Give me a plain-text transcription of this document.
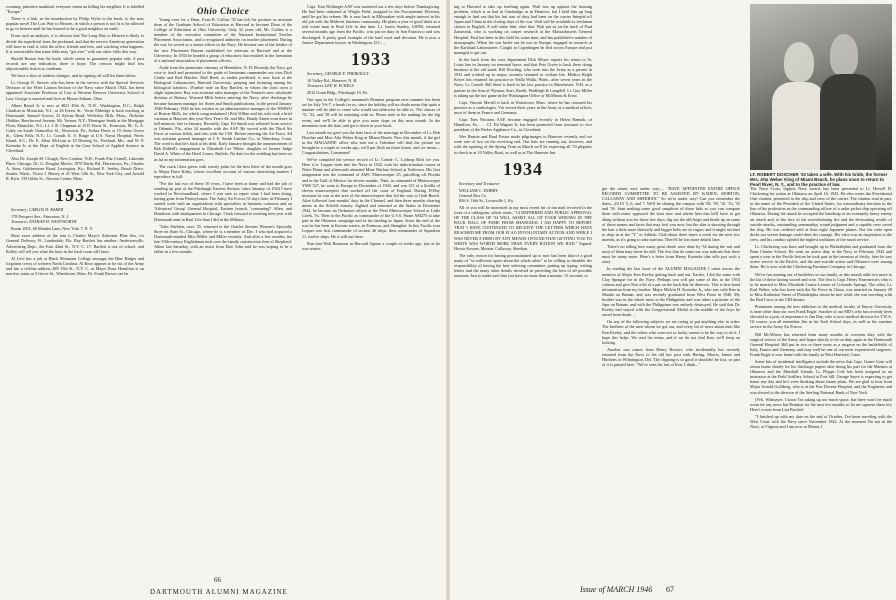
ecoming, primitive mankind, everyone intent on killing his neighbor. It is labelled "Escape."

There is a link, in the introduction by Philip Wylie to the book, to the now popular novel The Lost Way to Heaven, in which a person is not fit to be allowed to go to heaven until he has learned to be a good neighbor on earth.

From such an analysis, it is obvious that The Long Way to Heaven is likely to divide the superficial from the profound, and that the newest American generation will have to read it, with the office, friends and foes, and watching what happens. It is conceivable that some folks may "get over" with one other folks this way.

Should Boston ban the book, which seems to guarantee popular sale, if past records are any indication, there is hope. The censors might find less objectionable fiction to condemn.

We have a slew of address changes, and in signing off will list them below.

Lt. George N. Sievers who has been in the service with the Special Services Division of the Fleet Liaison Section of the Navy since March 1944, has been appointed Associate Professor of Law at Western Reserve University School of Law. George is married and lives at Mount Auburn, Ohio.

Albert Beisel Jr. is now at 4821 45th St., N.W., Washington, D.C.; Ralph Charlton in Montclair, N.J., at 26 Forest St.; Verne Eldredge is back teaching at Dartmouth; Samuel Grover, 23 Sylvan Road, Wellesley Hills, Mass.; Nicholas Oleklue, Beechwood Avenue, Mt. Vernon, N.Y.; Montague Smith at the Mortgage Floor, Montclair, N.J.; Lt. J. R. Chapman at 1515 Davis St., Evanston, Ill.; G. A. Coley on South Chancellor St., Newtown, Pa.; Arthur Davis at 15 Stone Grove St., Glens Falls, N.Y.; Lt. Comdr. E. S. Burge at U.S. Naval Hospital, Parris Island, S.C.; Dr. E. Allan McLean at 19 Deering St., Portland, Me.; and W. P. Koeneke Jr. at the Dept. of English at the Case School of Applied Science in Cleveland.

Also Dr. Joseph M. Clough, New London, N.H.; Frank Fitz Cornell, Lakeside Place, Chicago, Ill.; G. Douglas Morris, 1970 Darby Rd., Havertown, Pa.; Charles A. Sims, Goldenstone Road, Lexington, Ky.; Richard E. Seeley, Beach Drive, Seattle, Wash.; Victor J. Hersey at 41 West 12th St., New York City; and Arnold R. Rich, 159 Gibbs St., Newton Center, Mass.

1932

Secretary, CARLOS H. BAKER

178 Prospect Ave., Princeton, N. J.

Treasurer, NATHAN H. WENTWORTH

Room 1801, 60 Maiden Lane, New York 7, N. Y.

Most exact address of the tent is Charles Mayo's Schooner Blue Sea, c/o General Delivery, Ft. Lauderdale, Fla. Ray Bartlett has another: Andersonville, Advertising Dept., the East 42nd St., N.Y. C. 17. Bartlett is out of school, and Kelley will tell you what the boys in the back room will have.

Al Levi has a job at Black Mountain College amongst the Blue Ridges and forgotten crews of western North Carolina. Al Rose appears to be out of the Army and has a civilian address 489 15th St., N.Y. C. as Major Dunc Hamilton is on inactive status at 5 Grove St., Winchester, Mass. Dr. Frank Brown can be

Ohio Choice

Young even for a Dean, Evan R. Collins '35 has left his position as assistant dean of the Graduate School of Education at Harvard to become Dean of the College of Education at Ohio University. Only 32 years old, Mr. Collins is a member of the executive committee of the National Institutional Teacher Placement Association, and a recognized authority on teacher placement. During the war, he served as a senior officer in the Navy. He became one of the leaders of the new Placement Bureau established for veterans at Harvard and at the University. In 1934 he headed a group of educators that resulted in the formation of a national association of placement officers.

Aside from the prominent citizenry of Hennikers, N. H. Recently the Navy got wise to itself and promoted to the grade of lieutenant commander our own Dick Clarke and Rod Hatcher. Shel Reed, as earlier predicted, is now back at the Biological Laboratories, Harvard University, peeping and lecturing among his biological statistics. (Further note on Ray Bartlett, to whom the class owes a slight injunction: Ray was assistant sales manager of the Ventura's new wholesale division of Bottery. Worsted Mills before entering the Navy; after discharge he became business manager for Street and Smith publications, in the period January 1946-February 1946 he has written as an administrative manager of the WMWO of Boston Mills, for which congratulations!) Bob Wilkin and his wife took a brief vacation at Hanover this year New Year's Dr. and Mrs. Handy Amen went there in full memory, late in January. Recently, Capt. Ed Smith was released from service at Orlando, Fla., after 34 months with the AAF. He served with the Third Air Force at various fields, and also with the CSS. Before entering the Air Force, Ed was assistant general manager at J. E. Smith Lumber Co., in Waterbury, Conn. The word is that he's back at his desk. Early January brought the announcement of Bob Riddell's engagement to Elizabeth Lee White, daughter of former Judge David A. White of the Hotel Lenox, Buffalo. No date for the wedding has been set as far as my information goes.

The crack Class greets with sweaty palm for the best letter of the month goes to Major Dave Kirby, whose excellent account of various interesting matters I reproduce in full:

"For the last two of these 10 years, I have been at home and had the job of winding up part of the Pittsburgh Eastern Section, since January of 1944 I have worked in Newfoundland, where I was sent to report what I had been doing, having gone from Pennsylvania. The Army Air Forces 55 days later, in February I started work with an organization with specialties in business contracts and an 'Advanced Group' General Hospital, Eastern branch, 'consuming'! Allen, and Hamilton, with headquarters in Chicago. I look forward to working next year with Dartmouth men in Real Life than I did in the Military.

"John Sheldon, once '35, returned to the Charles Stevens Women's Specialty Store on State St., Chicago, where he is a member of Dec. I who had acquired a Dartmouth-minded Miss Miller and Miller recently. And after a few months, his late-19th-century Englishman took over the family construction firm of Shepherd-Aiken last Saturday, with an assist from Dad. John said he was hoping to be a father in a few months.

Capt. Tom Wolfaeger AAF was mustered out a few days before Thanksgiving. He had been stationed at Wright Field, assigned to the Procurement Division, until he got his release. He is now back in Milwaukee with ample interest in his old job with the Midwest business community. He plans a year of good deals as a real estate man in Real Life in due time. Lt. Justin Stanley, USNR, returned several months ago from the Pacific, was put on duty in San Francisco and was discharged. A pretty good example of the hard work and devotion. He is now a Justice Department lawyer in Washington, D.C. ...

1933

Secretary, GEORGE F. THERIAULT

10 Valley Rd., Hanover, N. H.

Treasurer, LEE W. ECKELS

2812 Grant Bldg., Pittsburgh 19, Pa.

Our spot in the College's mammoth Reunion program next summer has been set for July 5-6-7, a break for us, since the holiday will no doubt mean that quite a number will be able to come who would not otherwise be able to. The classes of '31, '32, and '38 will be reuniting with us. Please note in the making for the big event, and we'll be able to give you more dope on this next month. In the meantime note the date, and get it down in your book.

Last month we gave you the bare facts of the marriage in December of Lt. Bob Deacher and Miss Alta Weber King at Miami Beach. Now this month, if the girl in the MAGAZINE office who sent me a Valentine will find the picture we brought in a couple of weeks ago, we'll put flesh on those bones, and we mean—Congratulations, Lieutenant!

We've compiled the service record of Lt. Comdr. C. Lothrop Rich for you. Here it is: Lopper went into the Navy in 1942, took his indoctrination course at Notre Dame and afterwards attended Mine Warfare School at Yorktown. His first assignment was the command of AMC Minesweeper 25, patrolling off Florida and in the Gulf of Mexico for eleven months. Then, in command of Minesweeper YMS 527, he went to Europe in December of 1943, and was CO of a flotilla of eleven minesweepers that worked off the coast of England. During D-Day invasion he was in the area of the minesweepers that led the way to Utah Beach. After followed four months' duty in the Channel, and then three months clearing mines in the Scheldt estuary. Sighted and returned to the States in December 1944, he became an Ordnance officer at the Fleet Minesweeper School at Little Creek, Va. Then to the Pacific as commander of the U.S.S. Pirate AM275 to take part in the Okinawa campaign and in the landing in Japan. Since the end of the war he has been in Korean waters, in Formosa, and Shanghai. In this Pacific tour Lopper was first commander of section 46 ships, then commander of Squadron 11, twelve ships. He is still out there.

Run into Walt Bearnson in Harvard Square a couple of weeks ago, just as he was return-

66
DARTMOUTH ALUMNI MAGAZINE

ing to Harvard to take up teaching again. Walt was up against the housing problem, which is as bad in Cambridge as in Hanover, but I held him up long enough to find out that his last tour of duty had been on the carrier Intrepid off Japan and China in the closing days of the war. Walt will be available to freshman classes in English. A will strike him, after that. Walt put us on the track of Paul Zamecnik, who is working on cancer research at the Massachusetts General Hospital. Paul has been in this field for some time, and has published a number of monographs. When the war broke out he was in Europe, engaged in research at the Karlsbad Laboratories. Caught in Copenhagen he fled across Europe and just managed to get out.

In the back from the wars department Dick Meyer reports his return to St. Louis late in January on terminal leave, and that Pete Grove is back there doing business at the old stand. Bill Dowling, who went into the Army as a private in 1941 and worked up to major, recently returned to civilian life. Medico Ralph Keyes has resumed his practice in Walla Walla, Wash., after seven years in the Navy. Lt. Comdr. Bill Steer is back in his law practice in Manchester, N.H. as a partner in the firm of Wyman, Starr, Booth, Wadleigh & Langdell. Lt. Guy Miller is taking up the law game in the Washington Office of McManus & Ernst.

Capt. Vincent Merrill is back in Watertown, Mass. where he has resumed his practice as a cardiologist. Vin served three years in the Army as a medical officer, most of them in France and Germany.

Capt. Tom Nisonen, AAF, became engaged recently to Helen Hannah, of Hamilton, Pa. . . . Cl. Ed Wagner Jr. has been promoted from treasurer to vice president of the Parker Appliance Co., in Cleveland.

Wes Beattie and Brad Foster made pilgrimages to Hanover recently and we were one of two on the receiving end. Our hats are running out, however, and with the opening of the Spring Term in March we'll be expecting all '33 pilgrims to check in at 10 Valley Road, as well as at The Hanover Inn.

1934

Secretary and Treasurer

WILLIAM C. EMBRY

General Box Co.

826 S. 16th St., Louisville 1, Ky.

All of you will be interested in my most recent bit of fan mail received in the form of a cablegram, which reads, "14 DEFERRED AND PUBLIC APPROVAL OF THE CLASS OF '34 WILL ASSIST ALL OF YOUR WIDOWS IN THE BACK HALL OF FAME FROM SHANGHAI. I AM HAPPY TO REPORT THAT I HAVE CONTINUED TO RECEIVE THE LETTERS WHICH HAVE REACHED ME FROM OUR FLAG INVOLUNTARY ACTION AND WHILE I WAS NEVER A HERO BY ANY MEANS I FOUND THAT GETTING YOU TO WRITE WAS WORTH MORE THAN EVERY RATION WE HAD." Signed: Howie Kossen, Morton, Callaway, Sheehan.

The only reason for having procrastinated up to now has been that of a good many of "so sufficient space about the whole affair" to be willing to shoulder the responsibility of having the best selecting committee, putting up typing, writing letters and the many other details involved in providing the best of all possible reunions. Just to make sure that you have no more than a minute, 15 seconds, to

get the return wire under way..... "HAVE APPOINTED ENTIRE OFFICE RECORDS COMMITTEE TO BE ASSISTED BY KADEN, MORTON, CALLAWAY AND SHEEHAN." So we're under way! Can you remember the dates—JULY 5, 6, and 7. We'll be sharing the campus with '08, '09, '10, '33, '35 and '36. Start making some good snapshots of those kids so you can compare them with mine; approach the boss now and advise him that he'll have to get along without you for those few days; dig out the old Aegis and brush up on some of those names and faces that may fool you now, but the skin is showing through the hair a little more distinctly and bigger belts are in vogue; and it might not hurt to drop in at the "Y" or Athletic Club about three times a week for the next few months, as it's going to take stamina. There'll be lots more details later.

There's no telling how many great deeds were done by '34 during the war and most of them may never be told. The few that do come our way indicate that there must be many more. Here's a letter from Henry Koeneke that tells just such a story:

In reading the last issue of the ALUMNI MAGAZINE I came across the mention of Major Ken Keeley getting back and out. Earlier, I did the same with Clay Sprague for in the Navy. Perhaps you will put some of this in the 1934 column and give Ken a bit of a pat on the back that he deserves. This is first-hand information from my brother, Major Melvin H. Koeneke Jr., who was with Ken in Manila on Bataan, and was recently graduated from West Point in 1940. My brother was in the whole mess in the Philippines and was taken a prisoner of the Japs on Bataan, and with the Philippines was entirely destroyed. He said that Dr. Keeley had stayed with the Congressional Medal in the middle of the boys he saved from death. ...

On any of the following subjects we are trying to put anything else in order. The brothers of the men whom we got out, and every bit of news about men like Ken Keeley, and the others who were not so lucky, seems to be the way to do it. I hope this helps. We read the items, and if we do not find Ken, we'll keep on looking.

Another one comes from Henry Bowers, who incidentally has recently returned from the Navy to his old law post with Hering, Morris, James and Hitchens in Wilmington, Del. The clipping is so good it shouldn't be lost, so part of it is printed here: "We've seen the last of Ken, I think..."

The Navy Cross, highest Navy award, has been presented to Lt. Howell D. Chickering for action at Okinawa on April 16, 1945. He also wears the Presidential Unit citation, presented to the ship and crew of the carrier. The citation read in part, in the name of the President of the United States, for extraordinary heroism in the line of his profession as the commanding officer of a radar picket ship operating off Okinawa. During the attack he accepted the handicap of an extremely heavy enemy air attack and, in the face of the overwhelming fire and the devastating results of suicide attacks, outstanding seamanship, sound judgment and a capable crew saved the ship. He was credited with at least eight Japanese planes. Nor the wide open decks nor severe damage could deter his courage. His valor was an inspiration to the crew, and his conduct upheld the highest traditions of the naval service.

Lt. Chickering was born and brought up in Philadelphia and graduated from the Penn Charter School. He went on active duty in the Navy in February 1942 and spent a year in the Pacific before he took part in the invasion of Sicily; later he saw active service in the Pacific, and the anti-suicide action and Okinawa were among them. He is now with the Chickering Furniture Company in Chicago.

We've fun running out of bachelors in our family, as this month adds two more to the list of those having wooed and won. The first is Capt. Henry Nearmeister, who is to be married to Miss Elizabeth Louise Lenzen of Colorado Springs. The other, Lt. Karl Weber, who has been with the Air Force in China, was married on January 29 to Miss Katherine Street of Philadelphia whom he met while she was traveling with the Red Cross in the CBI theater.

Prominent among the new additions to the medical faculty of Emory University is none other than our own Frank Engle. Another of our MD's who has recently been elevated to a post of importance is Jim Day, who is now medical director for T.W.A. Of course, you all remember Jim in his Tuck School days, as well as his wartime service in the Army Air Forces.

Bill McAllister has returned from many months of overseas duty with the surgical service of the Army, and hopes shortly to be on duty again at the Dartmouth General Hospital. Bill put in two or three years as a surgeon on the battlefields of Italy, France and Germany, and may well be one of our most experienced surgeons. Frank Engle is now home with his family in West Hartford, Conn.

Some bits of incidental intelligence include the news that Capt. Goner Gose will return home shortly for his discharge papers after doing his part for the Marines at Okinawa and the Marshall Islands. Lt. Phipps Cole has been assigned as an instructor at the Field Artillery School at Fort Sill. George Sayre is expecting to get home any day and he's even thinking about future plans. We are glad to hear from Major Arnold Goldberg, who is at the Fort Devens Hospital, and the Engineers and was elected to the director of the Sterling National Bank of New York.

(Yeh, Widmayer, I know I'm taking up too much space, but there won't be much room for any news but Reunion for the next few months so let me squeeze these in): Here's a note from Lint Buchtel:

"I finished up with my date on the end of October, I've been traveling with the West Coast with the Navy since November 1942. At the moment I'm not in the Navy, at Virginia and I am now in Miami, I

LT. ROBERT DOSCHER '33 takes a wife. With his bride, the former Mrs. Alta Weber King of Miami Beach, he plans soon to return to Pearl River, N. Y., and to the practice of law.
Issue of MARCH 1946 67
